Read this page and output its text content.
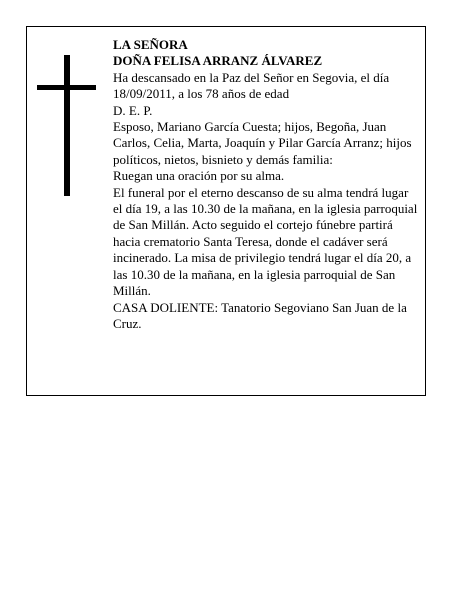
LA SEÑORA

DOÑA FELISA ARRANZ ÁLVAREZ

Ha descansado en la Paz del Señor en Segovia, el día 18/09/2011, a los 78 años de edad

D. E. P.

Esposo, Mariano García Cuesta; hijos, Begoña, Juan Carlos, Celia, Marta, Joaquín y Pilar García Arranz; hijos políticos, nietos, bisnieto y demás familia:

Ruegan una oración por su alma.

El funeral por el eterno descanso de su alma tendrá lugar el día 19, a las 10.30 de la mañana, en la iglesia parroquial de San Millán. Acto seguido el cortejo fúnebre partirá hacia crematorio Santa Teresa, donde el cadáver será incinerado. La misa de privilegio tendrá lugar el día 20, a las 10.30 de la mañana, en la iglesia parroquial de San Millán.

CASA DOLIENTE: Tanatorio Segoviano San Juan de la Cruz.
